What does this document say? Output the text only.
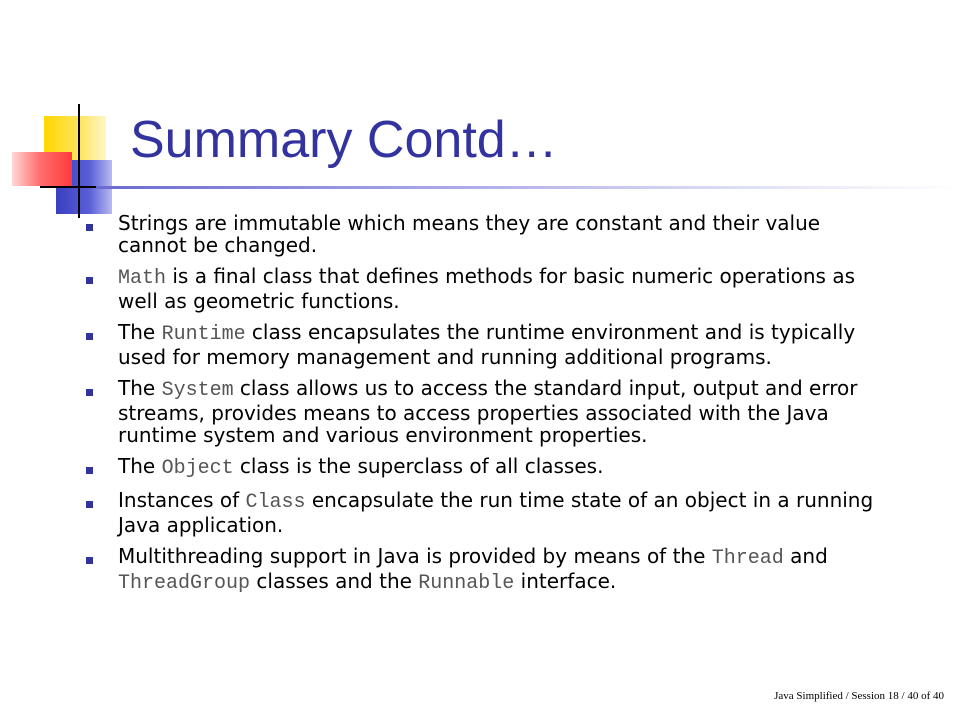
Summary Contd…
Strings are immutable which means they are constant and their value cannot be changed.
Math is a final class that defines methods for basic numeric operations as well as geometric functions.
The Runtime class encapsulates the runtime environment and is typically used for memory management and running additional programs.
The System class allows us to access the standard input, output and error streams, provides means to access properties associated with the Java runtime system and various environment properties.
The Object class is the superclass of all classes.
Instances of Class encapsulate the run time state of an object in a running Java application.
Multithreading support in Java is provided by means of the Thread and ThreadGroup classes and the Runnable interface.
Java Simplified / Session 18 / 40 of 40
